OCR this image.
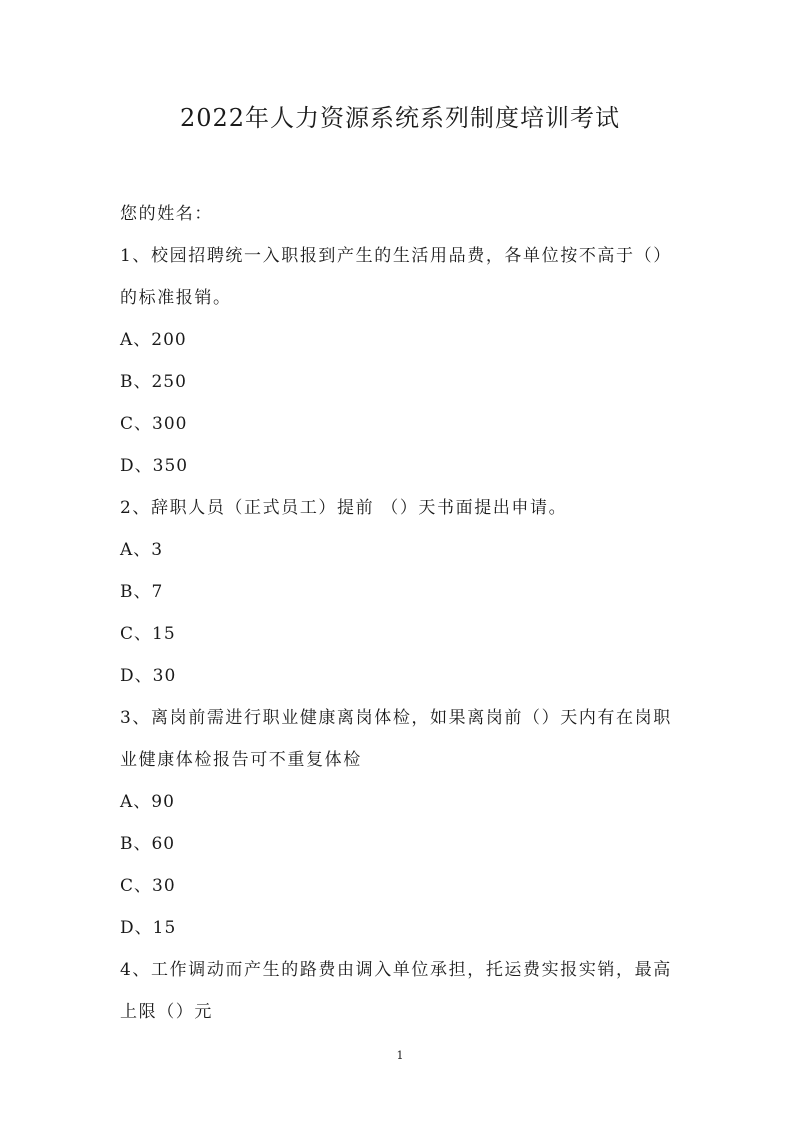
2022年人力资源系统系列制度培训考试
您的姓名：
1、校园招聘统一入职报到产生的生活用品费，各单位按不高于（）
的标准报销。
A、200
B、250
C、300
D、350
2、辞职人员（正式员工）提前 （）天书面提出申请。
A、3
B、7
C、15
D、30
3、离岗前需进行职业健康离岗体检，如果离岗前（）天内有在岗职
业健康体检报告可不重复体检
A、90
B、60
C、30
D、15
4、工作调动而产生的路费由调入单位承担，托运费实报实销，最高
上限（）元
1
